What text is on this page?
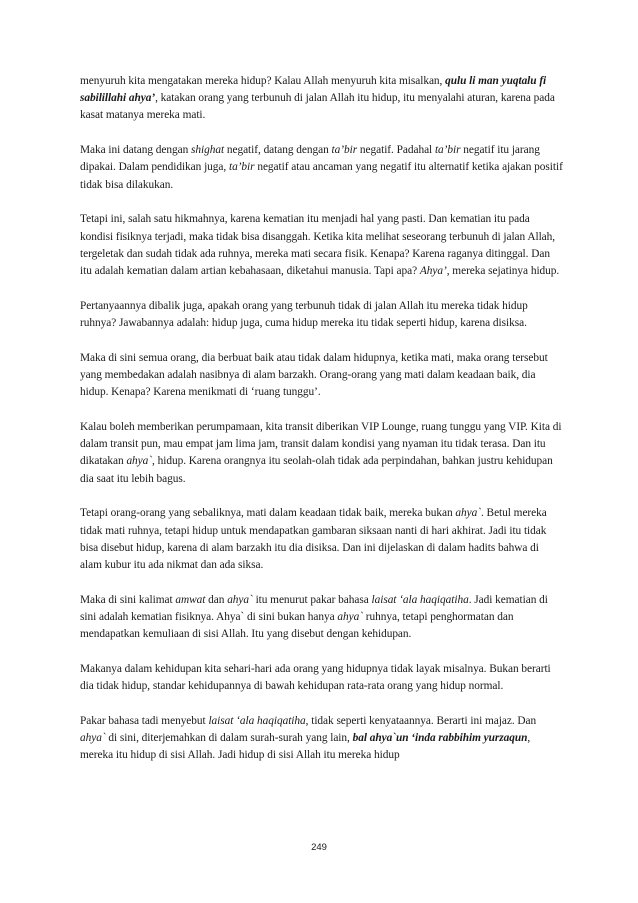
menyuruh kita mengatakan mereka hidup? Kalau Allah menyuruh kita misalkan, qulu li man yuqtalu fi sabilillahi ahya’, katakan orang yang terbunuh di jalan Allah itu hidup, itu menyalahi aturan, karena pada kasat matanya mereka mati.

Maka ini datang dengan shighat negatif, datang dengan ta’bir negatif. Padahal ta’bir negatif itu jarang dipakai. Dalam pendidikan juga, ta’bir negatif atau ancaman yang negatif itu alternatif ketika ajakan positif tidak bisa dilakukan.

Tetapi ini, salah satu hikmahnya, karena kematian itu menjadi hal yang pasti. Dan kematian itu pada kondisi fisiknya terjadi, maka tidak bisa disanggah. Ketika kita melihat seseorang terbunuh di jalan Allah, tergeletak dan sudah tidak ada ruhnya, mereka mati secara fisik. Kenapa? Karena raganya ditinggal. Dan itu adalah kematian dalam artian kebahasaan, diketahui manusia. Tapi apa? Ahya’, mereka sejatinya hidup.

Pertanyaannya dibalik juga, apakah orang yang terbunuh tidak di jalan Allah itu mereka tidak hidup ruhnya? Jawabannya adalah: hidup juga, cuma hidup mereka itu tidak seperti hidup, karena disiksa.

Maka di sini semua orang, dia berbuat baik atau tidak dalam hidupnya, ketika mati, maka orang tersebut yang membedakan adalah nasibnya di alam barzakh. Orang-orang yang mati dalam keadaan baik, dia hidup. Kenapa? Karena menikmati di ‘ruang tunggu’.

Kalau boleh memberikan perumpamaan, kita transit diberikan VIP Lounge, ruang tunggu yang VIP. Kita di dalam transit pun, mau empat jam lima jam, transit dalam kondisi yang nyaman itu tidak terasa. Dan itu dikatakan ahya`, hidup. Karena orangnya itu seolah-olah tidak ada perpindahan, bahkan justru kehidupan dia saat itu lebih bagus.

Tetapi orang-orang yang sebaliknya, mati dalam keadaan tidak baik, mereka bukan ahya`. Betul mereka tidak mati ruhnya, tetapi hidup untuk mendapatkan gambaran siksaan nanti di hari akhirat. Jadi itu tidak bisa disebut hidup, karena di alam barzakh itu dia disiksa. Dan ini dijelaskan di dalam hadits bahwa di alam kubur itu ada nikmat dan ada siksa.

Maka di sini kalimat amwat dan ahya` itu menurut pakar bahasa laisat ‘ala haqiqatiha. Jadi kematian di sini adalah kematian fisiknya. Ahya` di sini bukan hanya ahya` ruhnya, tetapi penghormatan dan mendapatkan kemuliaan di sisi Allah. Itu yang disebut dengan kehidupan.

Makanya dalam kehidupan kita sehari-hari ada orang yang hidupnya tidak layak misalnya. Bukan berarti dia tidak hidup, standar kehidupannya di bawah kehidupan rata-rata orang yang hidup normal.

Pakar bahasa tadi menyebut laisat ‘ala haqiqatiha, tidak seperti kenyataannya. Berarti ini majaz. Dan ahya` di sini, diterjemahkan di dalam surah-surah yang lain, bal ahya`un ‘inda rabbihim yurzaqun, mereka itu hidup di sisi Allah. Jadi hidup di sisi Allah itu mereka hidup

249
